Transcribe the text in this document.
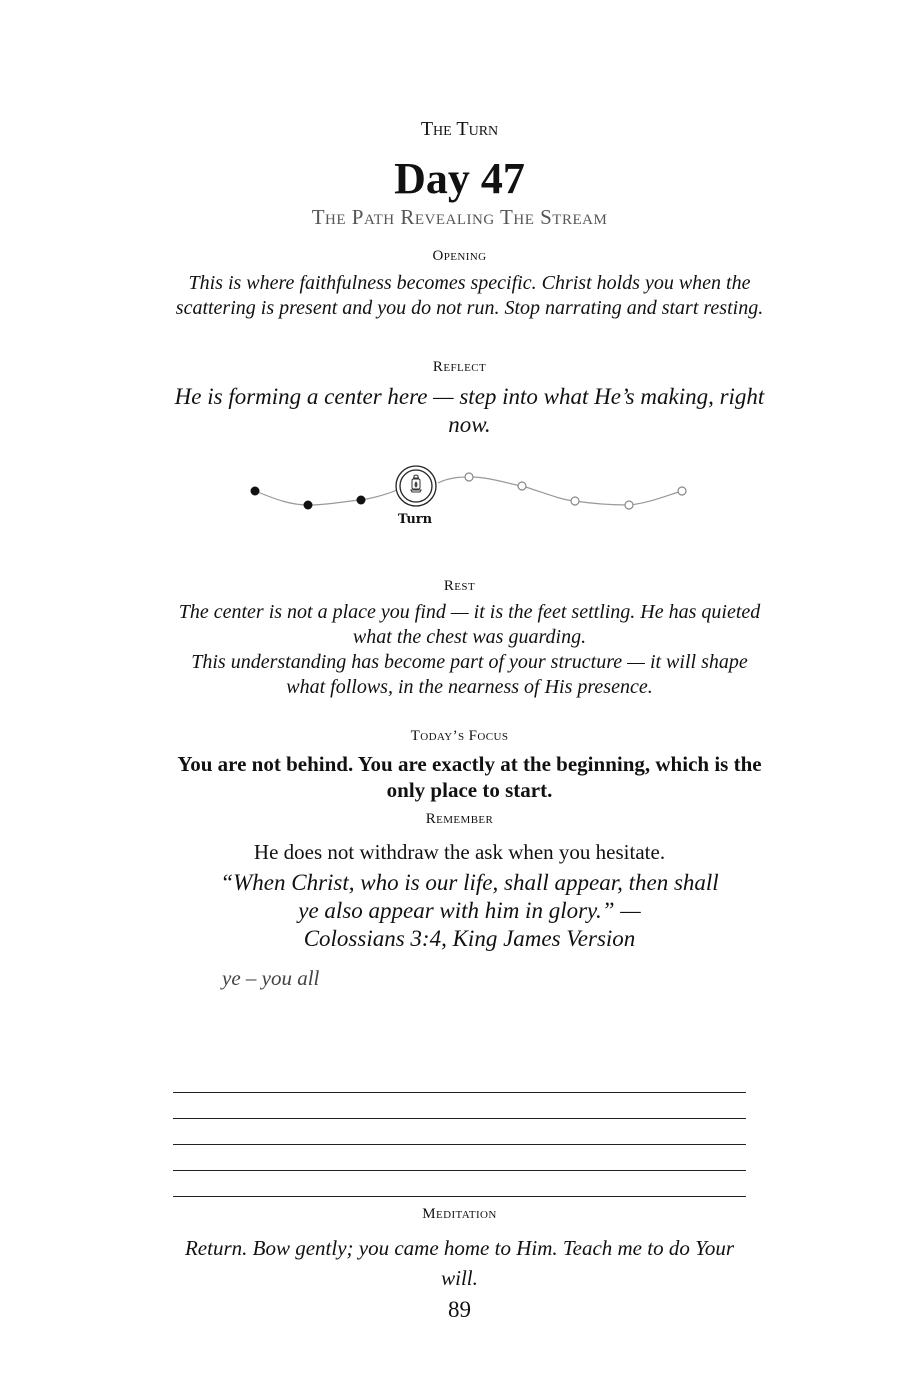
The Turn
Day 47
The Path Revealing The Stream
Opening
This is where faithfulness becomes specific. Christ holds you when the scattering is present and you do not run. Stop narrating and start resting.
Reflect
He is forming a center here — step into what He’s making, right now.
Turn
Rest
The center is not a place you find — it is the feet settling. He has quieted what the chest was guarding.
This understanding has become part of your structure — it will shape what follows, in the nearness of His presence.
Today’s Focus
You are not behind. You are exactly at the beginning, which is the only place to start.
Remember
He does not withdraw the ask when you hesitate.
“When Christ, who is our life, shall appear, then shall
ye also appear with him in glory.” —
Colossians 3:4, King James Version
ye – you all
Meditation
Return. Bow gently; you came home to Him. Teach me to do Your will.
89
